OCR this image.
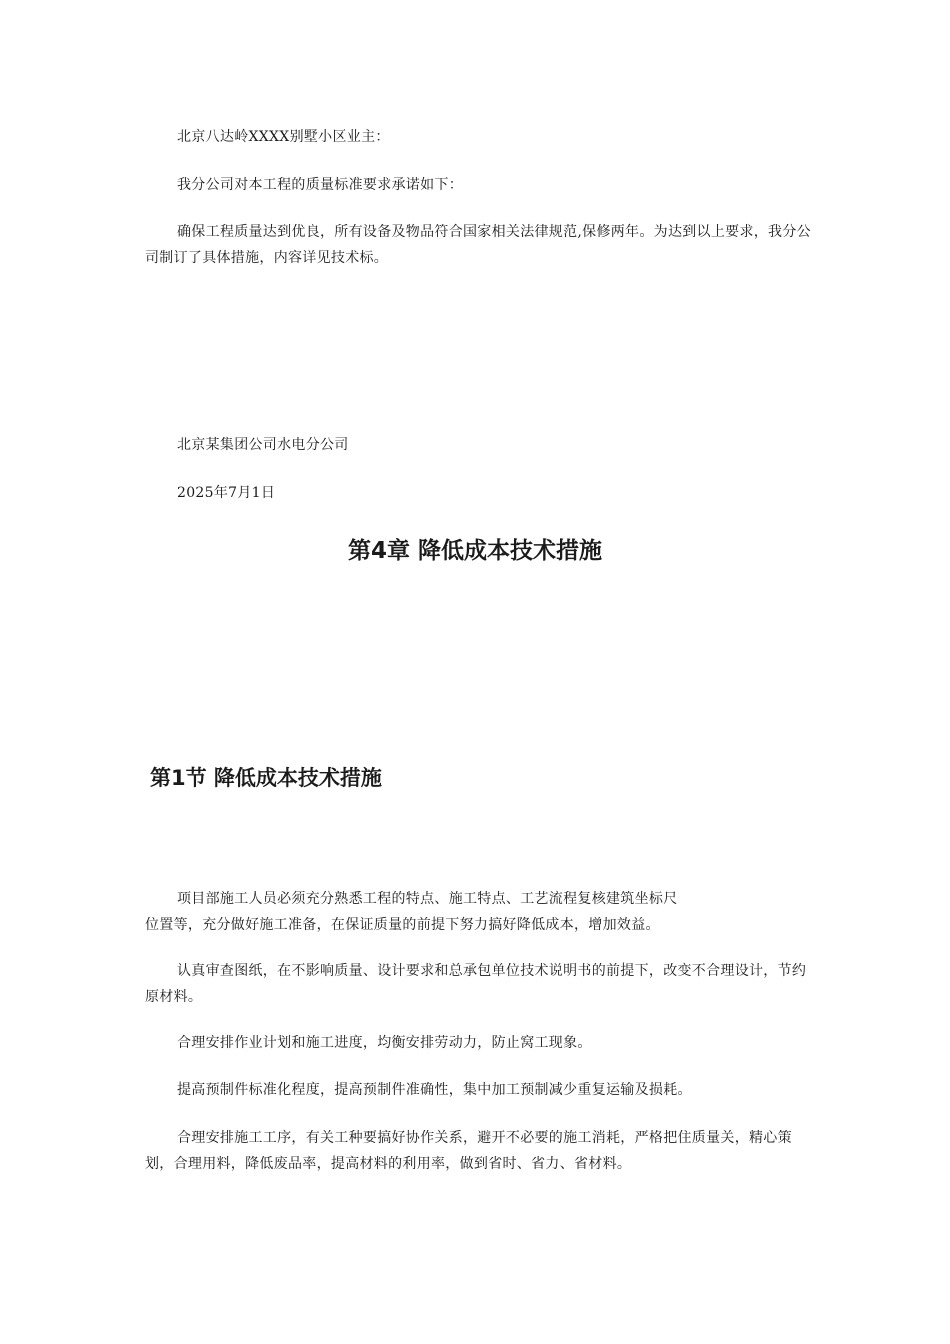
北京八达岭XXXX别墅小区业主：

我分公司对本工程的质量标准要求承诺如下：

确保工程质量达到优良，所有设备及物品符合国家相关法律规范,保修两年。为达到以上要求，我分公司制订了具体措施，内容详见技术标。

北京某集团公司水电分公司

2025年7月1日

第4章 降低成本技术措施
第1节 降低成本技术措施

项目部施工人员必须充分熟悉工程的特点、施工特点、工艺流程复核建筑坐标尺
位置等，充分做好施工准备，在保证质量的前提下努力搞好降低成本，增加效益。

认真审查图纸，在不影响质量、设计要求和总承包单位技术说明书的前提下，改变不合理设计，节约原材料。

合理安排作业计划和施工进度，均衡安排劳动力，防止窝工现象。

提高预制件标准化程度，提高预制件准确性，集中加工预制减少重复运输及损耗。

合理安排施工工序，有关工种要搞好协作关系，避开不必要的施工消耗，严格把住质量关，精心策划，合理用料，降低废品率，提高材料的利用率，做到省时、省力、省材料。
